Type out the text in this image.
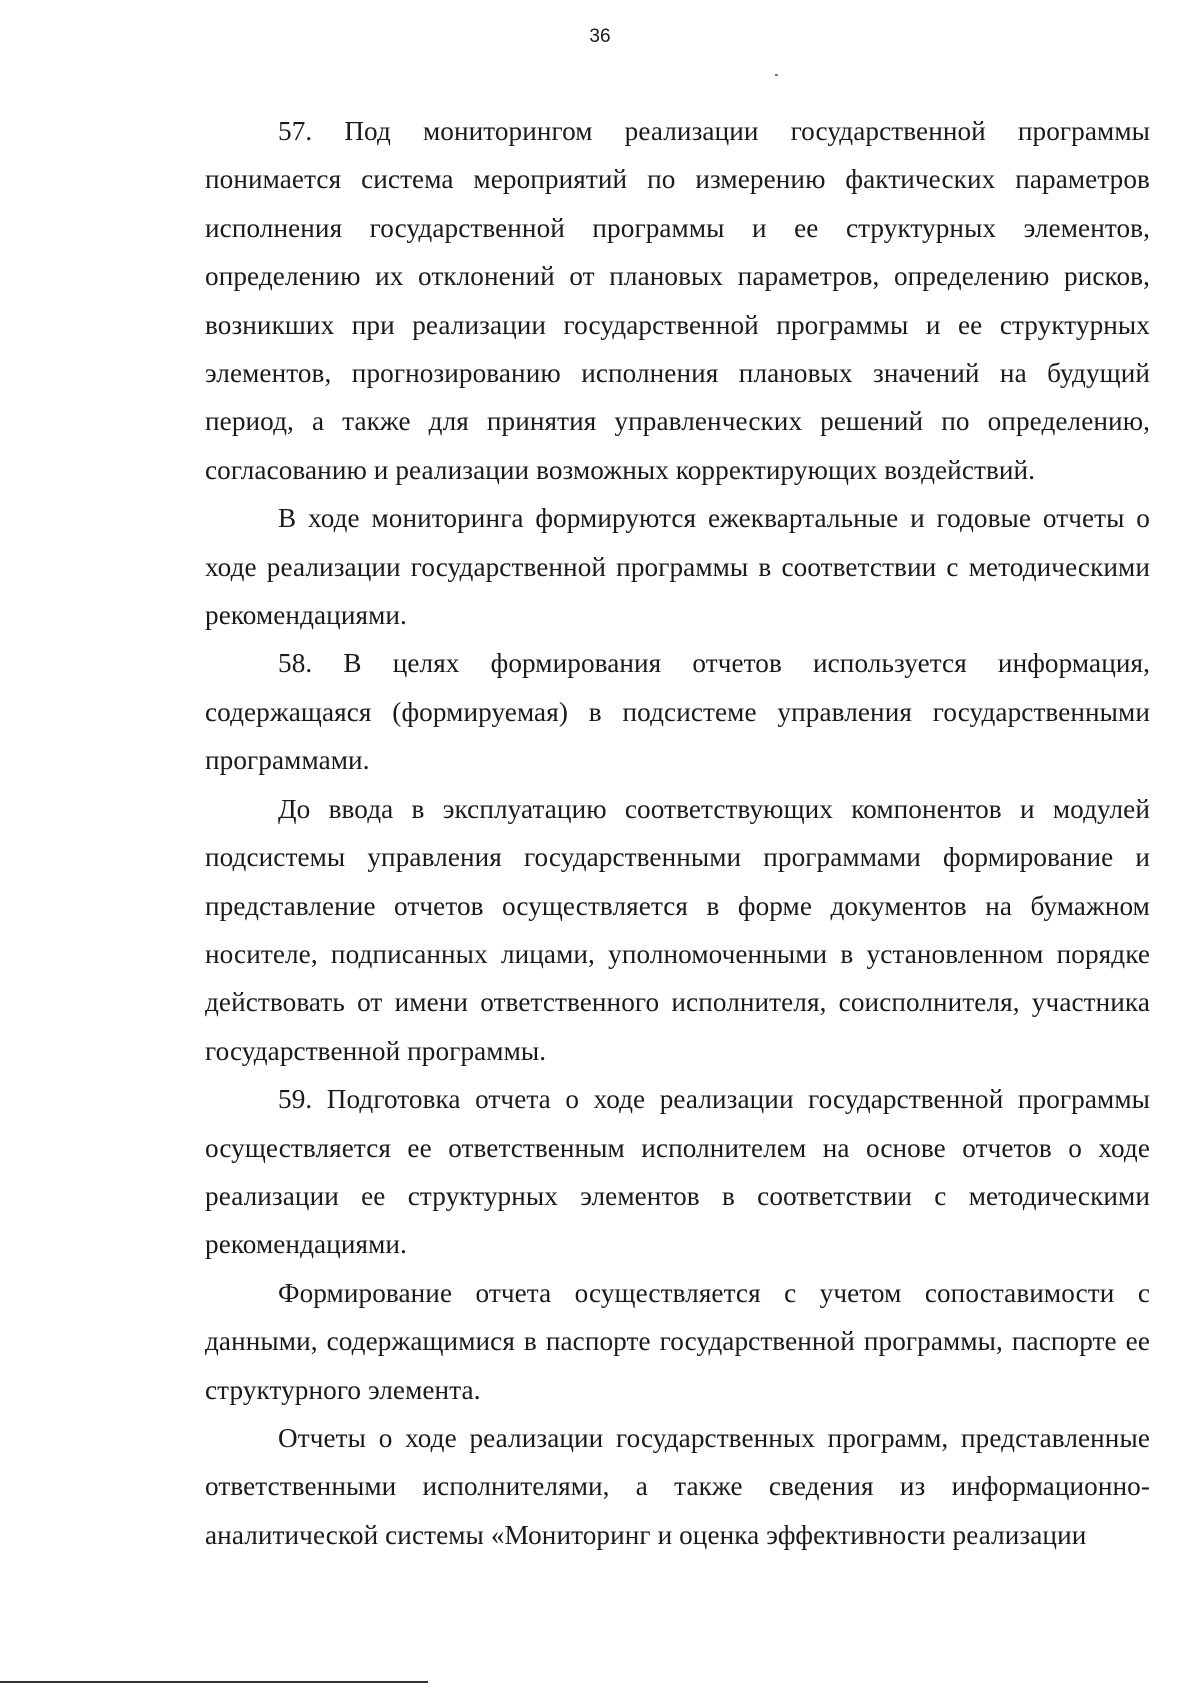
36

57. Под мониторингом реализации государственной программы понимается система мероприятий по измерению фактических параметров исполнения государственной программы и ее структурных элементов, определению их отклонений от плановых параметров, определению рисков, возникших при реализации государственной программы и ее структурных элементов, прогнозированию исполнения плановых значений на будущий период, а также для принятия управленческих решений по определению, согласованию и реализации возможных корректирующих воздействий.

В ходе мониторинга формируются ежеквартальные и годовые отчеты о ходе реализации государственной программы в соответствии с методическими рекомендациями.

58. В целях формирования отчетов используется информация, содержащаяся (формируемая) в подсистеме управления государственными программами.

До ввода в эксплуатацию соответствующих компонентов и модулей подсистемы управления государственными программами формирование и представление отчетов осуществляется в форме документов на бумажном носителе, подписанных лицами, уполномоченными в установленном порядке действовать от имени ответственного исполнителя, соисполнителя, участника государственной программы.

59. Подготовка отчета о ходе реализации государственной программы осуществляется ее ответственным исполнителем на основе отчетов о ходе реализации ее структурных элементов в соответствии с методическими рекомендациями.

Формирование отчета осуществляется с учетом сопоставимости с данными, содержащимися в паспорте государственной программы, паспорте ее структурного элемента.

Отчеты о ходе реализации государственных программ, представленные ответственными исполнителями, а также сведения из информационно-аналитической системы «Мониторинг и оценка эффективности реализации
